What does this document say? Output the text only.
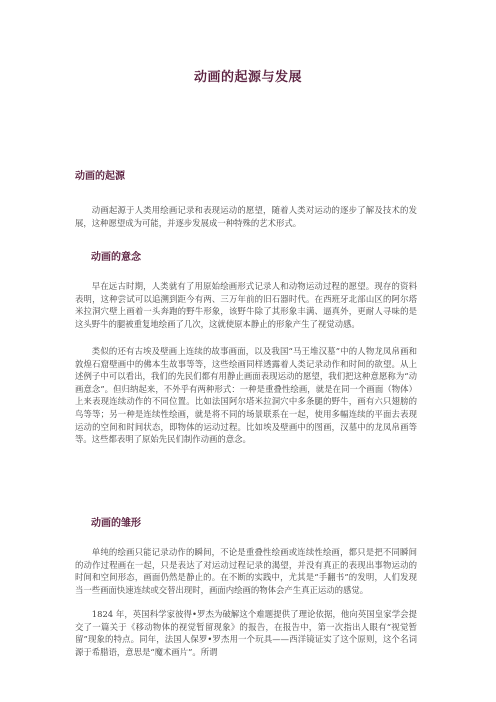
动画的起源与发展
动画的起源

动画起源于人类用绘画记录和表现运动的愿望，随着人类对运动的逐步了解及技术的发展，这种愿望成为可能，并逐步发展成一种特殊的艺术形式。

动画的意念

早在远古时期，人类就有了用原始绘画形式记录人和动物运动过程的愿望。现存的资料表明，这种尝试可以追溯到距今有两、三万年前的旧石器时代。在西班牙北部山区的阿尔塔米拉洞穴壁上画着一头奔跑的野牛形象，该野牛除了其形象丰满、逼真外，更耐人寻味的是这头野牛的腿被重复地绘画了几次，这就使原本静止的形象产生了视觉动感。

类似的还有古埃及壁画上连续的故事画面，以及我国“马王堆汉墓”中的人物龙凤帛画和敦煌石窟壁画中的佛本生故事等等，这些绘画同样透露着人类记录动作和时间的欲望。从上述例子中可以看出，我们的先民们都有用静止画面表现运动的愿望，我们把这种意愿称为“动画意念”。但归纳起来，不外乎有两种形式：一种是重叠性绘画，就是在同一个画面（物体）上来表现连续动作的不同位置。比如法国阿尔塔米拉洞穴中多条腿的野牛，画有六只翅膀的鸟等等；另一种是连续性绘画，就是将不同的场景联系在一起，使用多幅连续的平面去表现运动的空间和时间状态，即物体的运动过程。比如埃及壁画中的图画，汉墓中的龙凤帛画等等。这些都表明了原始先民们制作动画的意念。

动画的雏形

单纯的绘画只能记录动作的瞬间，不论是重叠性绘画或连续性绘画，都只是把不同瞬间的动作过程画在一起，只是表达了对运动过程记录的渴望，并没有真正的表现出事物运动的时间和空间形态，画面仍然是静止的。在不断的实践中，尤其是“手翻书”的发明，人们发现当一些画面快速连续或交替出现时，画面内绘画的物体会产生真正运动的感觉。

1824 年，英国科学家彼得•罗杰为破解这个难题提供了理论依据，他向英国皇家学会提交了一篇关于《移动物体的视觉暂留现象》的报告，在报告中，第一次指出人眼有“视觉暂留”现象的特点。同年，法国人保罗•罗杰用一个玩具——西洋镜证实了这个原则，这个名词源于希腊语，意思是“魔术画片”。所谓
